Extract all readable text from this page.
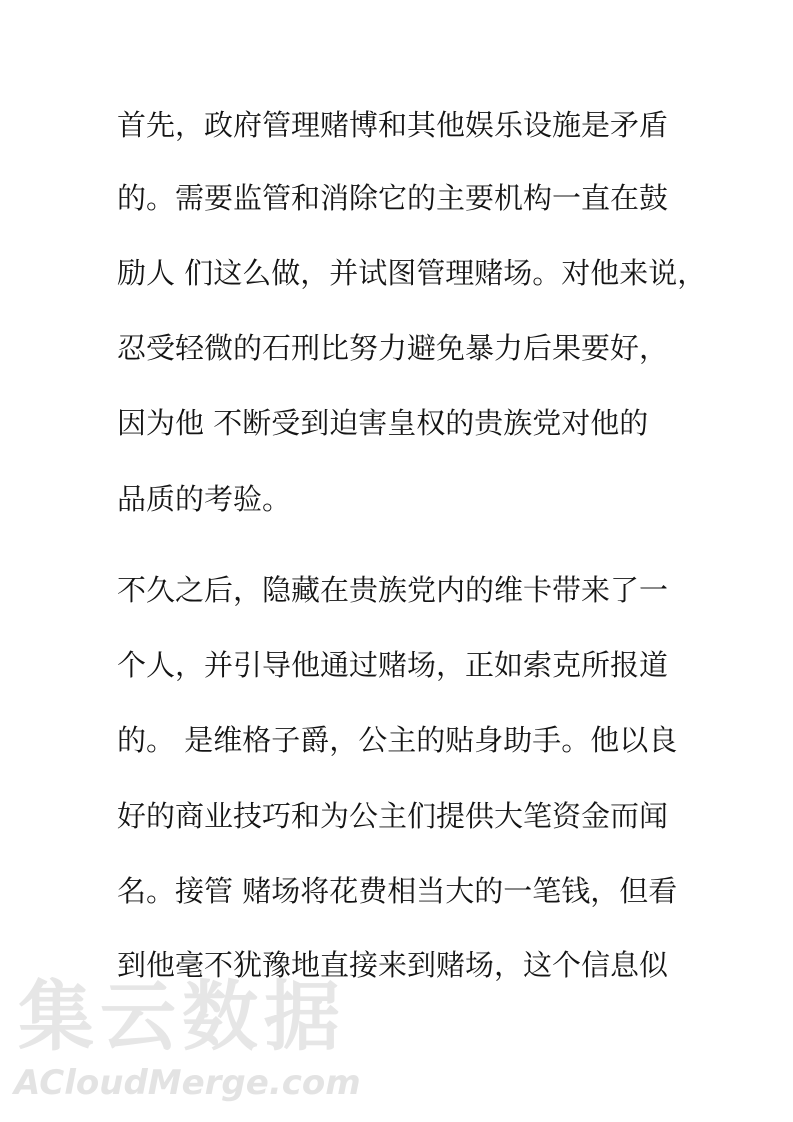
首先，政府管理赌博和其他娱乐设施是矛盾
的。需要监管和消除它的主要机构一直在鼓
励人 们这么做，并试图管理赌场。对他来说，
忍受轻微的石刑比努力避免暴力后果要好，
因为他 不断受到迫害皇权的贵族党对他的
品质的考验。
不久之后，隐藏在贵族党内的维卡带来了一
个人，并引导他通过赌场，正如索克所报道
的。 是维格子爵，公主的贴身助手。他以良
好的商业技巧和为公主们提供大笔资金而闻
名。接管 赌场将花费相当大的一笔钱，但看
到他毫不犹豫地直接来到赌场，这个信息似
集云数据
ACloudMerge.com
